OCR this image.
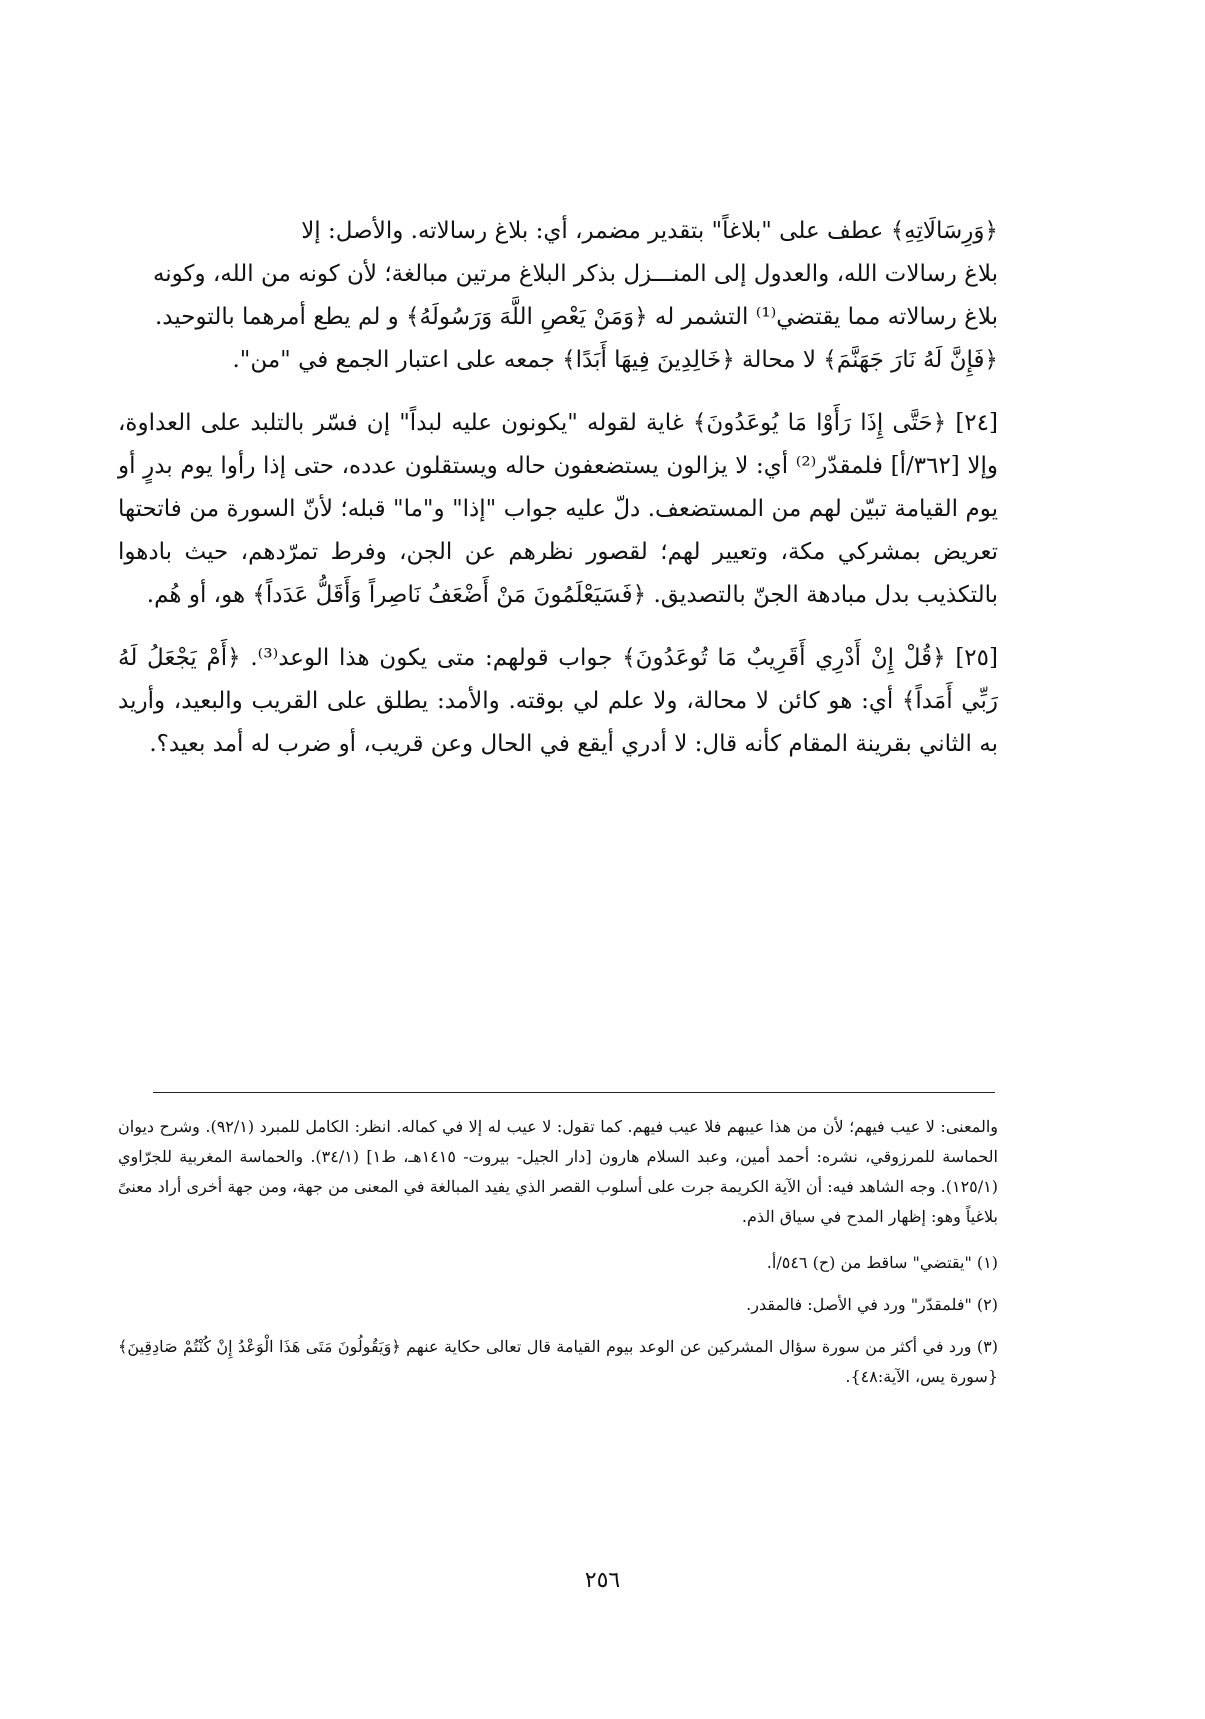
﴿وَرِسَالَاتِهِ﴾ عطف على "بلاغاً" بتقدير مضمر، أي: بلاغ رسالاته. والأصل: إلا

بلاغ رسالات الله، والعدول إلى المنـــزل بذكر البلاغ مرتين مبالغة؛ لأن كونه من الله، وكونه

بلاغ رسالاته مما يقتضي⁽¹⁾ التشمر له ﴿وَمَنْ يَعْصِ اللَّهَ وَرَسُولَهُ﴾ و لم يطع أمرهما بالتوحيد.

﴿فَإِنَّ لَهُ نَارَ جَهَنَّمَ﴾ لا محالة ﴿خَالِدِينَ فِيهَا أَبَدًا﴾ جمعه على اعتبار الجمع في "من".

[٢٤] ﴿حَتَّى إِذَا رَأَوْا مَا يُوعَدُونَ﴾ غاية لقوله "يكونون عليه لبداً" إن فسّر بالتلبد على العداوة، وإلا [٣٦٢/أ] فلمقدّر⁽²⁾ أي: لا يزالون يستضعفون حاله ويستقلون عدده، حتى إذا رأوا يوم بدرٍ أو يوم القيامة تبيّن لهم من المستضعف. دلّ عليه جواب "إذا" و"ما" قبله؛ لأنّ السورة من فاتحتها تعريض بمشركي مكة، وتعيير لهم؛ لقصور نظرهم عن الجن، وفرط تمرّدهم، حيث بادهوا بالتكذيب بدل مبادهة الجنّ بالتصديق. ﴿فَسَيَعْلَمُونَ مَنْ أَضْعَفُ نَاصِراً وَأَقَلُّ عَدَداً﴾ هو، أو هُم.

[٢٥] ﴿قُلْ إِنْ أَدْرِي أَقَرِيبٌ مَا تُوعَدُونَ﴾ جواب قولهم: متى يكون هذا الوعد⁽³⁾. ﴿أَمْ يَجْعَلُ لَهُ رَبِّي أَمَداً﴾ أي: هو كائن لا محالة، ولا علم لي بوقته. والأمد: يطلق على القريب والبعيد، وأريد به الثاني بقرينة المقام كأنه قال: لا أدري أيقع في الحال وعن قريب، أو ضرب له أمد بعيد؟.

والمعنى: لا عيب فيهم؛ لأن من هذا عيبهم فلا عيب فيهم. كما تقول: لا عيب له إلا في كماله. انظر: الكامل للمبرد (٩٢/١). وشرح ديوان الحماسة للمرزوقي، نشره: أحمد أمين، وعبد السلام هارون [دار الجيل- بيروت- ١٤١٥هـ، ط١] (٣٤/١). والحماسة المغربية للجرّاوي (١٢٥/١). وجه الشاهد فيه: أن الآية الكريمة جرت على أسلوب القصر الذي يفيد المبالغة في المعنى من جهة، ومن جهة أخرى أراد معنىً بلاغياً وهو: إظهار المدح في سياق الذم.

(١) "يقتضي" ساقط من (ح) ٥٤٦/أ.

(٢) "فلمقدّر" ورد في الأصل: فالمقدر.

(٣) ورد في أكثر من سورة سؤال المشركين عن الوعد بيوم القيامة قال تعالى حكاية عنهم ﴿وَيَقُولُونَ مَتَى هَذَا الْوَعْدُ إِنْ كُنْتُمْ صَادِقِينَ﴾{سورة يس، الآية:٤٨}.

٢٥٦
